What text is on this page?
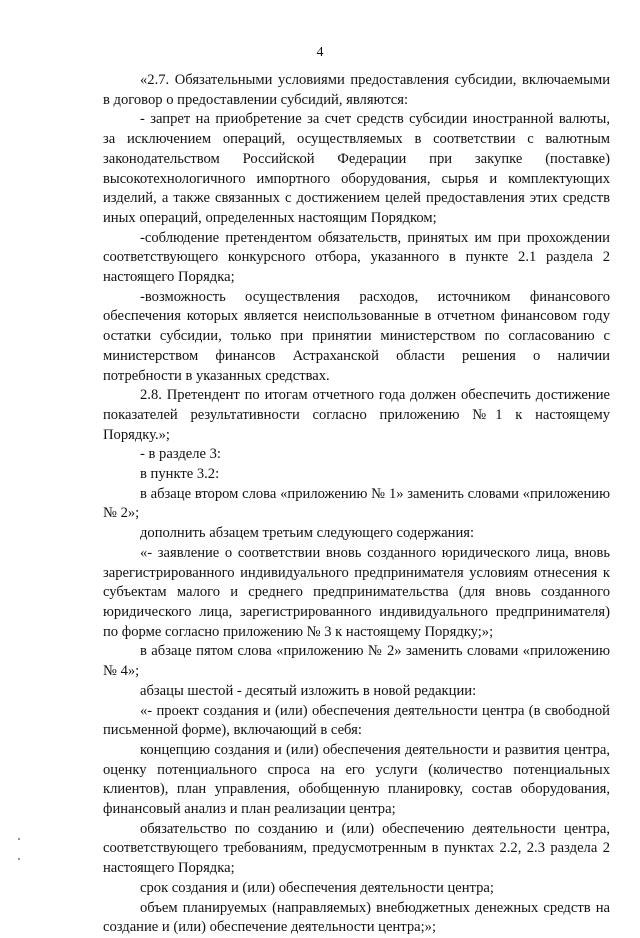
4

«2.7. Обязательными условиями предоставления субсидии, включаемыми в договор о предоставлении субсидий, являются:

- запрет на приобретение за счет средств субсидии иностранной валюты, за исключением операций, осуществляемых в соответствии с валютным законодательством Российской Федерации при закупке (поставке) высокотехнологичного импортного оборудования, сырья и комплектующих изделий, а также связанных с достижением целей предоставления этих средств иных операций, определенных настоящим Порядком;

-соблюдение претендентом обязательств, принятых им при прохождении соответствующего конкурсного отбора, указанного в пункте 2.1 раздела 2 настоящего Порядка;

-возможность осуществления расходов, источником финансового обеспечения которых является неиспользованные в отчетном финансовом году остатки субсидии, только при принятии министерством по согласованию с министерством финансов Астраханской области решения о наличии потребности в указанных средствах.

2.8. Претендент по итогам отчетного года должен обеспечить достижение показателей результативности согласно приложению №1 к настоящему Порядку.»;

- в разделе 3:

в пункте 3.2:

в абзаце втором слова «приложению № 1» заменить словами «приложению № 2»;

дополнить абзацем третьим следующего содержания:

«- заявление о соответствии вновь созданного юридического лица, вновь зарегистрированного индивидуального предпринимателя условиям отнесения к субъектам малого и среднего предпринимательства (для вновь созданного юридического лица, зарегистрированного индивидуального предпринимателя) по форме согласно приложению № 3 к настоящему Порядку;»;

в абзаце пятом слова «приложению № 2» заменить словами «приложению № 4»;

абзацы шестой - десятый изложить в новой редакции:

«- проект создания и (или) обеспечения деятельности центра (в свободной письменной форме), включающий в себя:

концепцию создания и (или) обеспечения деятельности и развития центра, оценку потенциального спроса на его услуги (количество потенциальных клиентов), план управления, обобщенную планировку, состав оборудования, финансовый анализ и план реализации центра;

обязательство по созданию и (или) обеспечению деятельности центра, соответствующего требованиям, предусмотренным в пунктах 2.2, 2.3 раздела 2 настоящего Порядка;

срок создания и (или) обеспечения деятельности центра;

объем планируемых (направляемых) внебюджетных денежных средств на создание и (или) обеспечение деятельности центра;»;
